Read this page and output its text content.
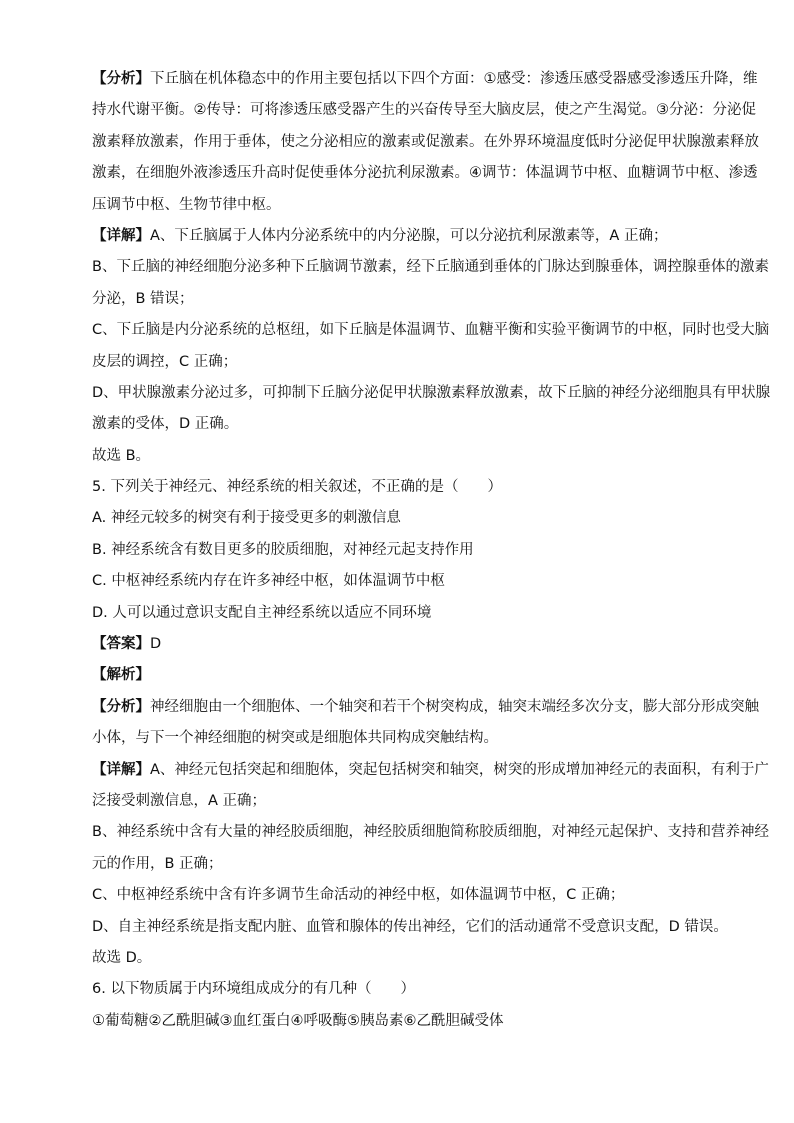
【分析】下丘脑在机体稳态中的作用主要包括以下四个方面：①感受：渗透压感受器感受渗透压升降，维
持水代谢平衡。②传导：可将渗透压感受器产生的兴奋传导至大脑皮层，使之产生渴觉。③分泌：分泌促
激素释放激素，作用于垂体，使之分泌相应的激素或促激素。在外界环境温度低时分泌促甲状腺激素释放
激素，在细胞外液渗透压升高时促使垂体分泌抗利尿激素。④调节：体温调节中枢、血糖调节中枢、渗透
压调节中枢、生物节律中枢。
【详解】A、下丘脑属于人体内分泌系统中的内分泌腺，可以分泌抗利尿激素等，A 正确；
B、下丘脑的神经细胞分泌多种下丘脑调节激素，经下丘脑通到垂体的门脉达到腺垂体，调控腺垂体的激素
分泌，B 错误；
C、下丘脑是内分泌系统的总枢纽，如下丘脑是体温调节、血糖平衡和实验平衡调节的中枢，同时也受大脑
皮层的调控，C 正确；
D、甲状腺激素分泌过多，可抑制下丘脑分泌促甲状腺激素释放激素，故下丘脑的神经分泌细胞具有甲状腺
激素的受体，D 正确。
故选 B。
5. 下列关于神经元、神经系统的相关叙述，不正确的是（　　）
A. 神经元较多的树突有利于接受更多的刺激信息
B. 神经系统含有数目更多的胶质细胞，对神经元起支持作用
C. 中枢神经系统内存在许多神经中枢，如体温调节中枢
D. 人可以通过意识支配自主神经系统以适应不同环境
【答案】D
【解析】
【分析】神经细胞由一个细胞体、一个轴突和若干个树突构成，轴突末端经多次分支，膨大部分形成突触
小体，与下一个神经细胞的树突或是细胞体共同构成突触结构。
【详解】A、神经元包括突起和细胞体，突起包括树突和轴突，树突的形成增加神经元的表面积，有利于广
泛接受刺激信息，A 正确；
B、神经系统中含有大量的神经胶质细胞，神经胶质细胞简称胶质细胞，对神经元起保护、支持和营养神经
元的作用，B 正确；
C、中枢神经系统中含有许多调节生命活动的神经中枢，如体温调节中枢，C 正确；
D、自主神经系统是指支配内脏、血管和腺体的传出神经，它们的活动通常不受意识支配，D 错误。
故选 D。
6. 以下物质属于内环境组成成分的有几种（　　）
①葡萄糖②乙酰胆碱③血红蛋白④呼吸酶⑤胰岛素⑥乙酰胆碱受体
